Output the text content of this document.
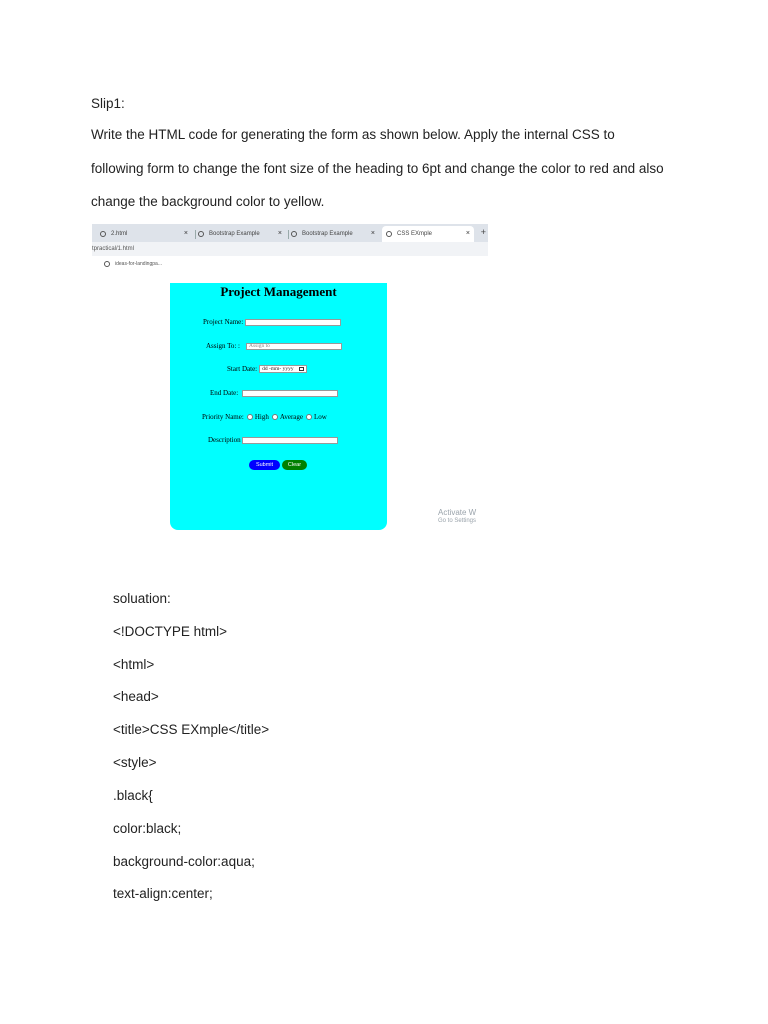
Slip1:
Write the HTML code for generating the form as shown below. Apply the internal CSS to
following form to change the font size of the heading to 6pt and change the color to red and also
change the background color to yellow.
2.html	×	Bootstrap Example	×	Bootstrap Example	×	CSS EXmple	× +
tpractical/1.html
ideas-for-landingpa...
Project Management
Project Name:
Assign To: :	Assign to
Start Date: dd -mm- yyyy
End Date:
Priority Name: High Average Low
Description
Submit	Clear
Activate W
Go to Settings
soluation:
<!DOCTYPE html>
<html>
<head>
<title>CSS EXmple</title>
<style>
.black{
color:black;
background-color:aqua;
text-align:center;
